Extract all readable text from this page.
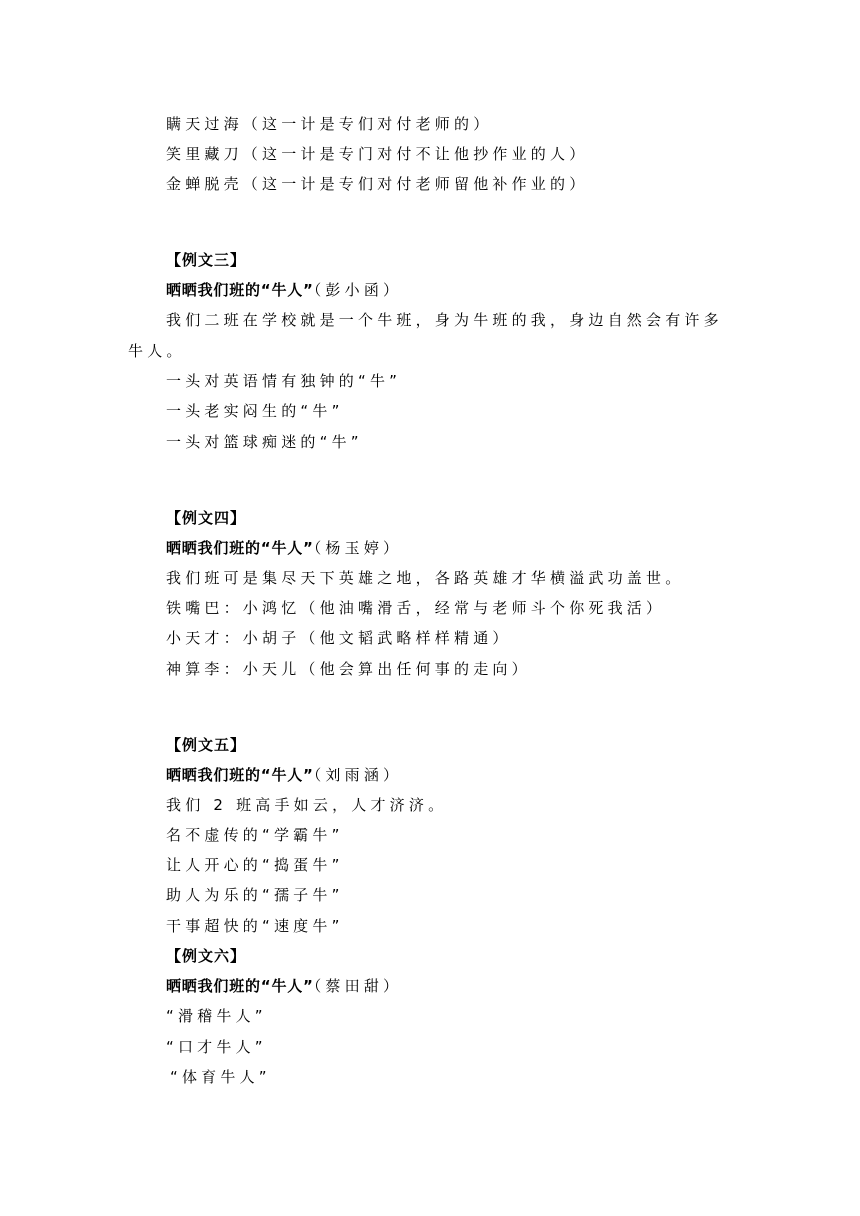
瞒天过海（这一计是专们对付老师的）
笑里藏刀（这一计是专门对付不让他抄作业的人）
金蝉脱壳（这一计是专们对付老师留他补作业的）
【例文三】
晒晒我们班的“牛人”（彭小函）
我们二班在学校就是一个牛班，身为牛班的我，身边自然会有许多
牛人。
一头对英语情有独钟的“牛”
一头老实闷生的“牛”
一头对篮球痴迷的“牛”
【例文四】
晒晒我们班的“牛人”（杨玉婷）
我们班可是集尽天下英雄之地，各路英雄才华横溢武功盖世。
铁嘴巴：小鸿忆（他油嘴滑舌，经常与老师斗个你死我活）
小天才：小胡子（他文韬武略样样精通）
神算李：小天儿（他会算出任何事的走向）
【例文五】
晒晒我们班的“牛人”（刘雨涵）
我们 2 班高手如云，人才济济。
名不虚传的“学霸牛”
让人开心的“捣蛋牛”
助人为乐的“孺子牛”
干事超快的“速度牛”
【例文六】
晒晒我们班的“牛人”（蔡田甜）
“滑稽牛人”
“口才牛人”
“体育牛人”
